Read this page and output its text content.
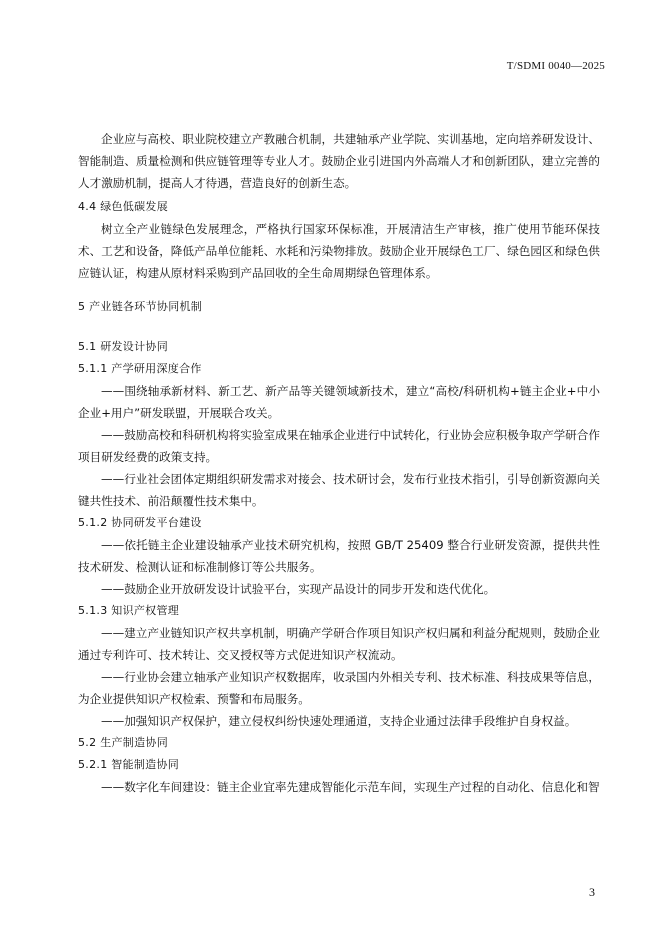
T/SDMI 0040—2025

企业应与高校、职业院校建立产教融合机制，共建轴承产业学院、实训基地，定向培养研发设计、智能制造、质量检测和供应链管理等专业人才。鼓励企业引进国内外高端人才和创新团队，建立完善的人才激励机制，提高人才待遇，营造良好的创新生态。

4.4 绿色低碳发展

树立全产业链绿色发展理念，严格执行国家环保标准，开展清洁生产审核，推广使用节能环保技术、工艺和设备，降低产品单位能耗、水耗和污染物排放。鼓励企业开展绿色工厂、绿色园区和绿色供应链认证，构建从原材料采购到产品回收的全生命周期绿色管理体系。

5 产业链各环节协同机制

5.1 研发设计协同

5.1.1 产学研用深度合作

——围绕轴承新材料、新工艺、新产品等关键领域新技术，建立“高校/科研机构+链主企业+中小企业+用户”研发联盟，开展联合攻关。

——鼓励高校和科研机构将实验室成果在轴承企业进行中试转化，行业协会应积极争取产学研合作项目研发经费的政策支持。

——行业社会团体定期组织研发需求对接会、技术研讨会，发布行业技术指引，引导创新资源向关键共性技术、前沿颠覆性技术集中。

5.1.2 协同研发平台建设

——依托链主企业建设轴承产业技术研究机构，按照 GB/T 25409 整合行业研发资源，提供共性技术研发、检测认证和标准制修订等公共服务。

——鼓励企业开放研发设计试验平台，实现产品设计的同步开发和迭代优化。

5.1.3 知识产权管理

——建立产业链知识产权共享机制，明确产学研合作项目知识产权归属和利益分配规则，鼓励企业通过专利许可、技术转让、交叉授权等方式促进知识产权流动。

——行业协会建立轴承产业知识产权数据库，收录国内外相关专利、技术标准、科技成果等信息，为企业提供知识产权检索、预警和布局服务。

——加强知识产权保护，建立侵权纠纷快速处理通道，支持企业通过法律手段维护自身权益。

5.2 生产制造协同

5.2.1 智能制造协同

——数字化车间建设：链主企业宜率先建成智能化示范车间，实现生产过程的自动化、信息化和智

3
